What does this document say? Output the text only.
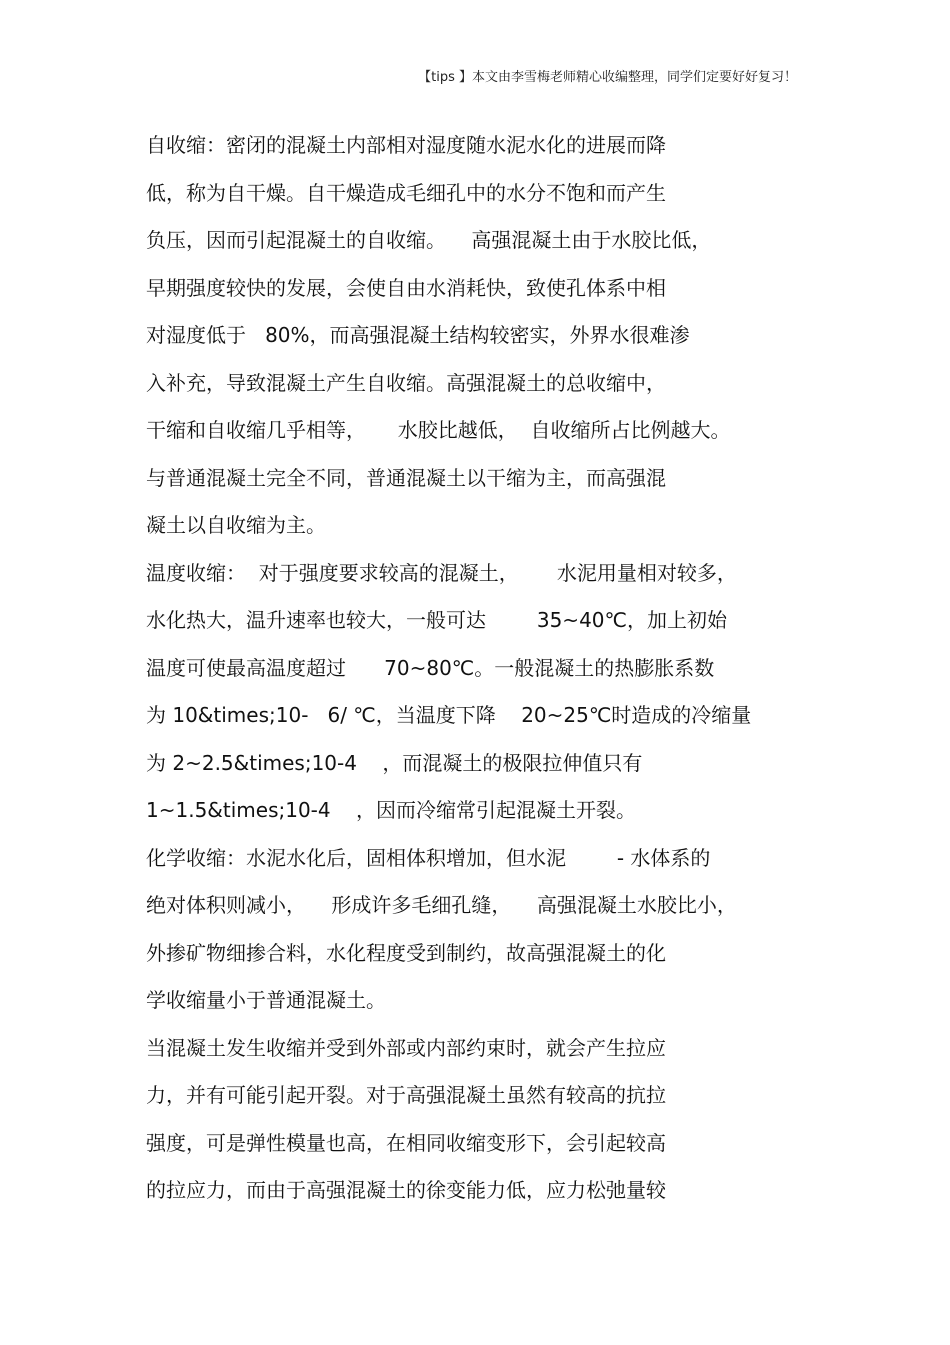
【tips 】本文由李雪梅老师精心收编整理，同学们定要好好复习！
自收缩：密闭的混凝土内部相对湿度随水泥水化的进展而降
低，称为自干燥。自干燥造成毛细孔中的水分不饱和而产生
负压，因而引起混凝土的自收缩。    高强混凝土由于水胶比低，
早期强度较快的发展，会使自由水消耗快，致使孔体系中相
对湿度低于   80%，而高强混凝土结构较密实，外界水很难渗
入补充，导致混凝土产生自收缩。高强混凝土的总收缩中，
干缩和自收缩几乎相等，     水胶比越低，  自收缩所占比例越大。
与普通混凝土完全不同，普通混凝土以干缩为主，而高强混
凝土以自收缩为主。
温度收缩：  对于强度要求较高的混凝土，      水泥用量相对较多，
水化热大，温升速率也较大，一般可达        35~40℃，加上初始
温度可使最高温度超过      70~80℃。一般混凝土的热膨胀系数
为 10&times;10-   6/ ℃，当温度下降    20~25℃时造成的冷缩量
为 2~2.5&times;10-4    ，而混凝土的极限拉伸值只有
1~1.5&times;10-4    ，因而冷缩常引起混凝土开裂。
化学收缩：水泥水化后，固相体积增加，但水泥        - 水体系的
绝对体积则减小，    形成许多毛细孔缝，    高强混凝土水胶比小，
外掺矿物细掺合料，水化程度受到制约，故高强混凝土的化
学收缩量小于普通混凝土。
当混凝土发生收缩并受到外部或内部约束时，就会产生拉应
力，并有可能引起开裂。对于高强混凝土虽然有较高的抗拉
强度，可是弹性模量也高，在相同收缩变形下，会引起较高
的拉应力，而由于高强混凝土的徐变能力低，应力松弛量较
